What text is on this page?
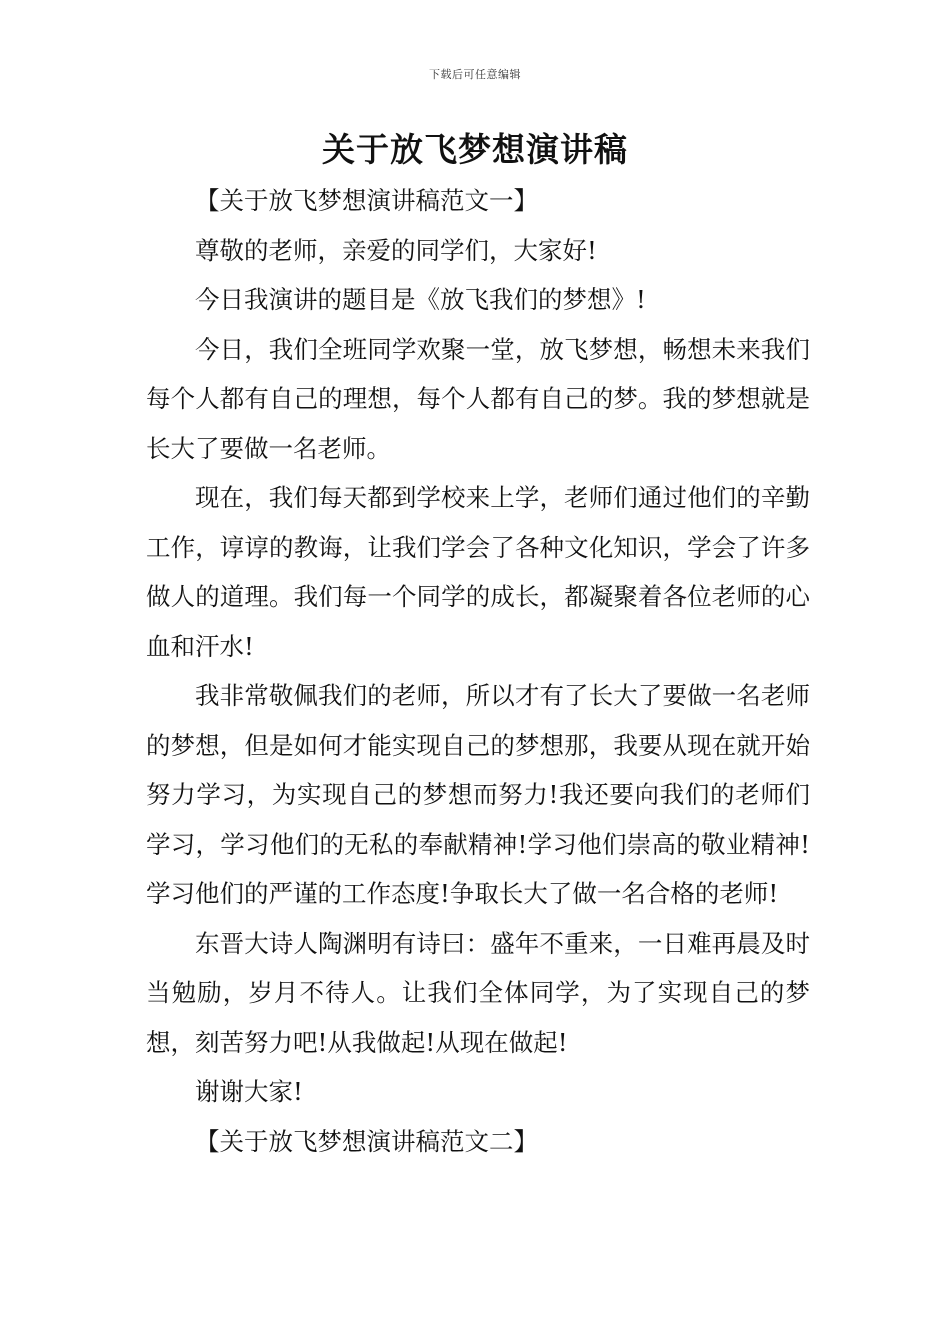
下载后可任意编辑
关于放飞梦想演讲稿

【关于放飞梦想演讲稿范文一】

尊敬的老师，亲爱的同学们，大家好!

今日我演讲的题目是《放飞我们的梦想》!

今日，我们全班同学欢聚一堂，放飞梦想，畅想未来我们每个人都有自己的理想，每个人都有自己的梦。我的梦想就是长大了要做一名老师。

现在，我们每天都到学校来上学，老师们通过他们的辛勤工作，谆谆的教诲，让我们学会了各种文化知识，学会了许多做人的道理。我们每一个同学的成长，都凝聚着各位老师的心血和汗水!

我非常敬佩我们的老师，所以才有了长大了要做一名老师的梦想，但是如何才能实现自己的梦想那，我要从现在就开始努力学习，为实现自己的梦想而努力!我还要向我们的老师们学习，学习他们的无私的奉献精神!学习他们崇高的敬业精神!学习他们的严谨的工作态度!争取长大了做一名合格的老师!

东晋大诗人陶渊明有诗曰：盛年不重来，一日难再晨及时当勉励，岁月不待人。让我们全体同学，为了实现自己的梦想，刻苦努力吧!从我做起!从现在做起!

谢谢大家!

【关于放飞梦想演讲稿范文二】
